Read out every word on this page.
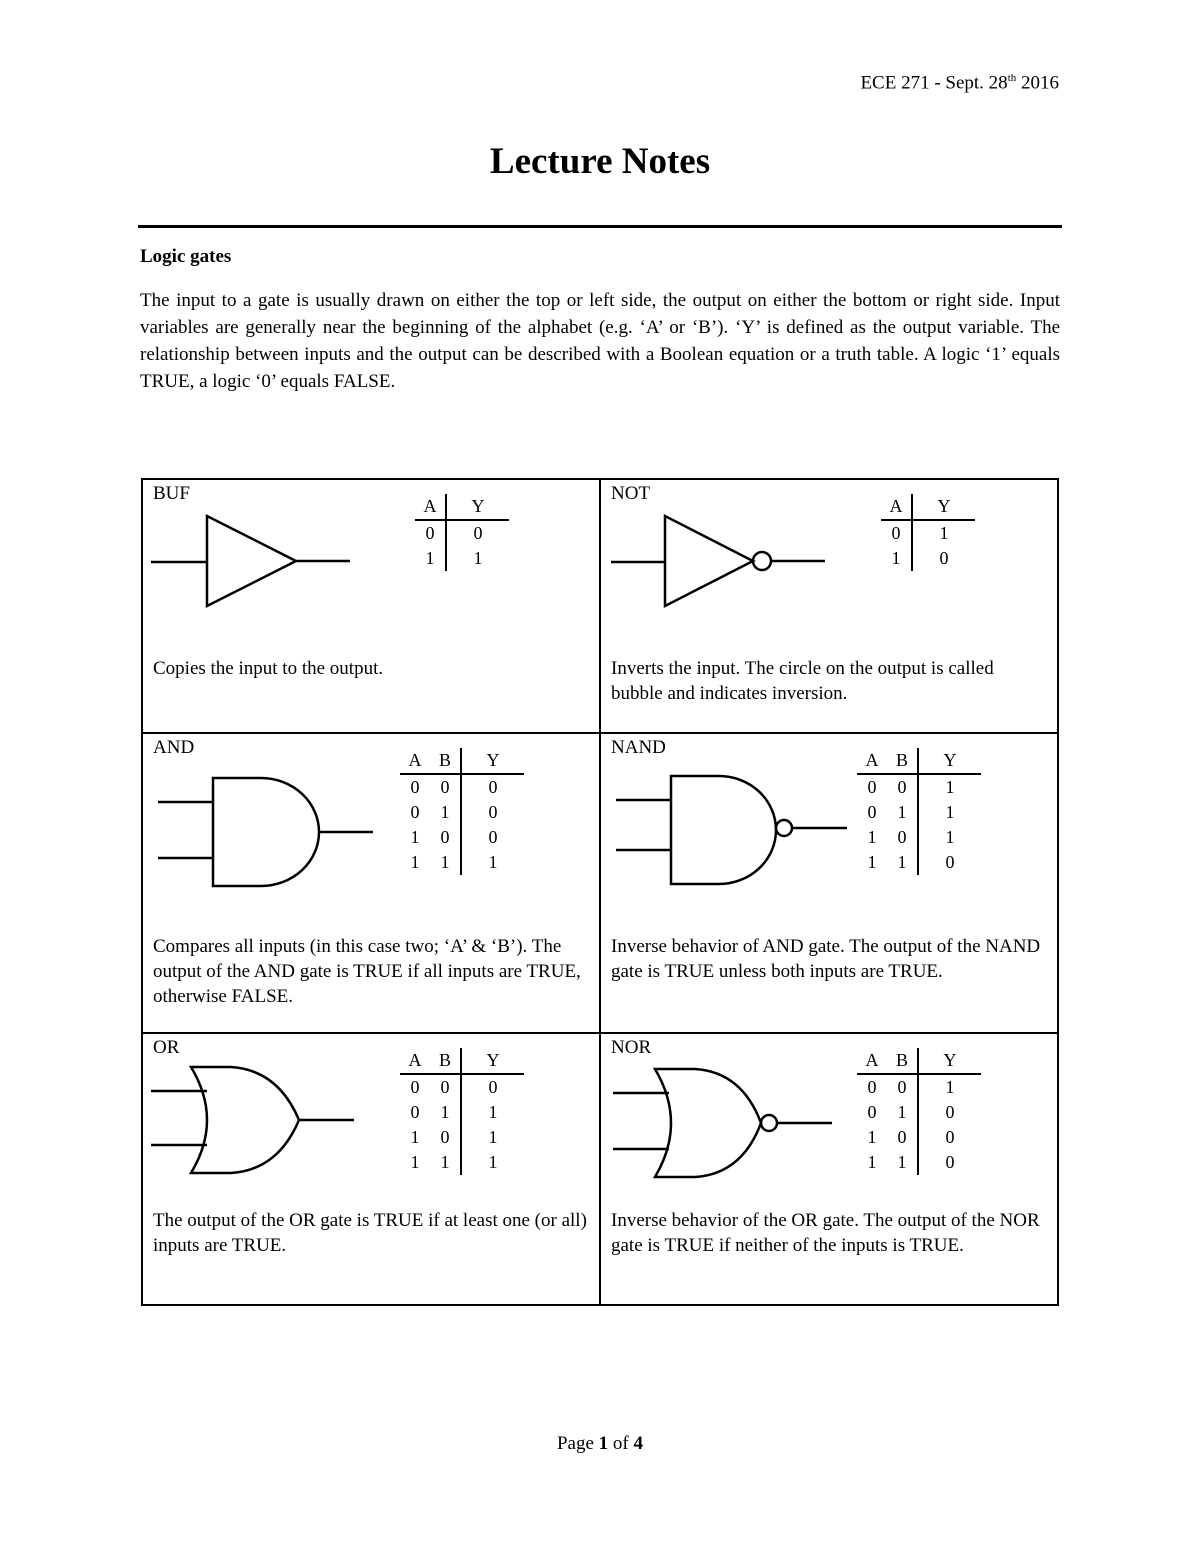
ECE 271 - Sept. 28th 2016
Lecture Notes
Logic gates

The input to a gate is usually drawn on either the top or left side, the output on either the bottom or right side. Input variables are generally near the beginning of the alphabet (e.g. ‘A’ or ‘B’). ‘Y’ is defined as the output variable. The relationship between inputs and the output can be described with a Boolean equation or a truth table. A logic ‘1’ equals TRUE, a logic ‘0’ equals FALSE.

BUF
A	Y
0	0
1	1

Copies the input to the output.

NOT
A	Y
0	1
1	0

Inverts the input. The circle on the output is called bubble and indicates inversion.

AND
A	B	Y
0	0	0
0	1	0
1	0	0
1	1	1

Compares all inputs (in this case two; ‘A’ & ‘B’). The output of the AND gate is TRUE if all inputs are TRUE, otherwise FALSE.

NAND
A	B	Y
0	0	1
0	1	1
1	0	1
1	1	0

Inverse behavior of AND gate. The output of the NAND gate is TRUE unless both inputs are TRUE.

OR
A	B	Y
0	0	0
0	1	1
1	0	1
1	1	1

The output of the OR gate is TRUE if at least one (or all) inputs are TRUE.

NOR
A	B	Y
0	0	1
0	1	0
1	0	0
1	1	0

Inverse behavior of the OR gate. The output of the NOR gate is TRUE if neither of the inputs is TRUE.

Page 1 of 4
